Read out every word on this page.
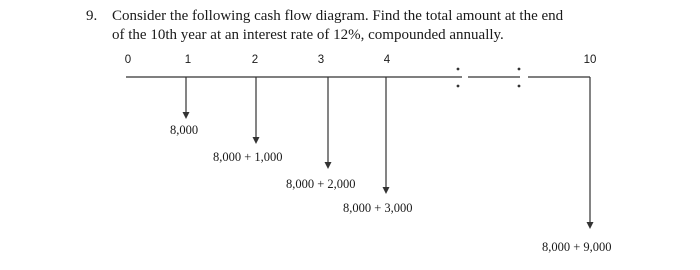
9. Consider the following cash flow diagram. Find the total amount at the end
of the 10th year at an interest rate of 12%, compounded annually.
0	1	2	3	4	10
8,000
8,000 + 1,000
8,000 + 2,000
8,000 + 3,000
8,000 + 9,000
